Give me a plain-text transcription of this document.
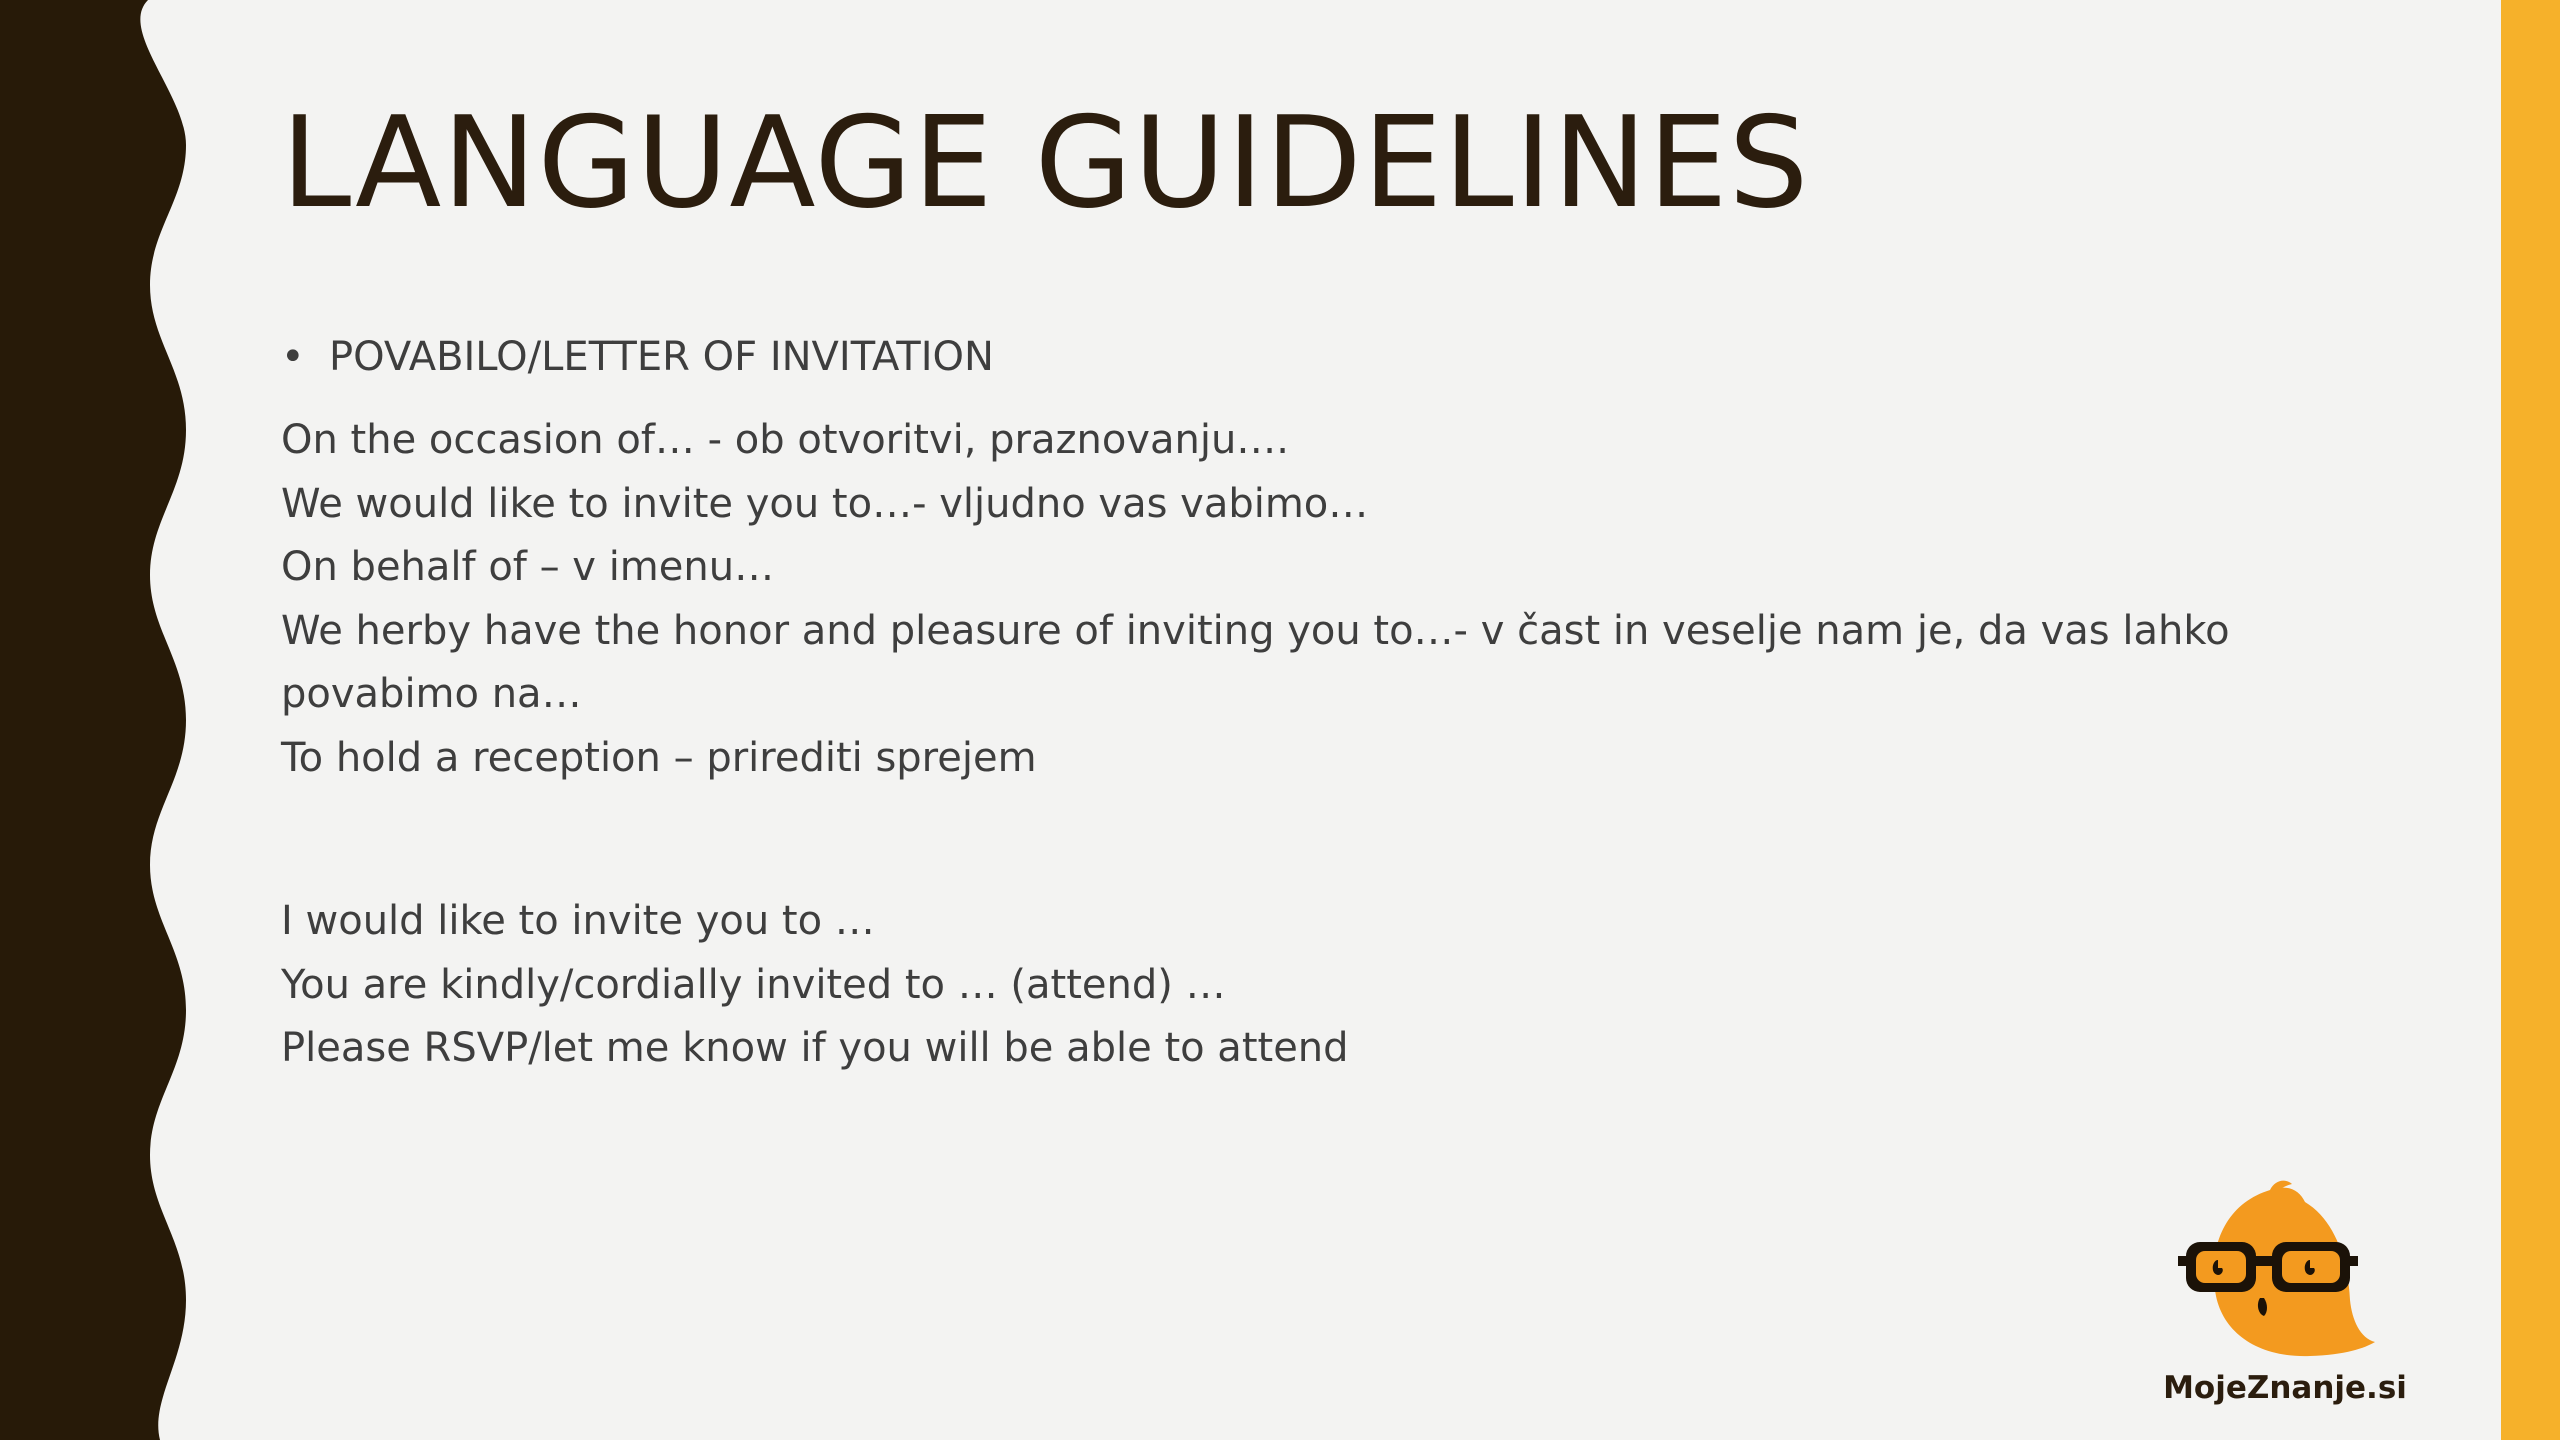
LANGUAGE GUIDELINES
• POVABILO/LETTER OF INVITATION
On the occasion of… - ob otvoritvi, praznovanju….
We would like to invite you to…- vljudno vas vabimo…
On behalf of – v imenu…
We herby have the honor and pleasure of inviting you to…- v čast in veselje nam je, da vas lahko povabimo na…
To hold a reception – prirediti sprejem
I would like to invite you to …
You are kindly/cordially invited to … (attend) …
Please RSVP/let me know if you will be able to attend
MojeZnanje.si
